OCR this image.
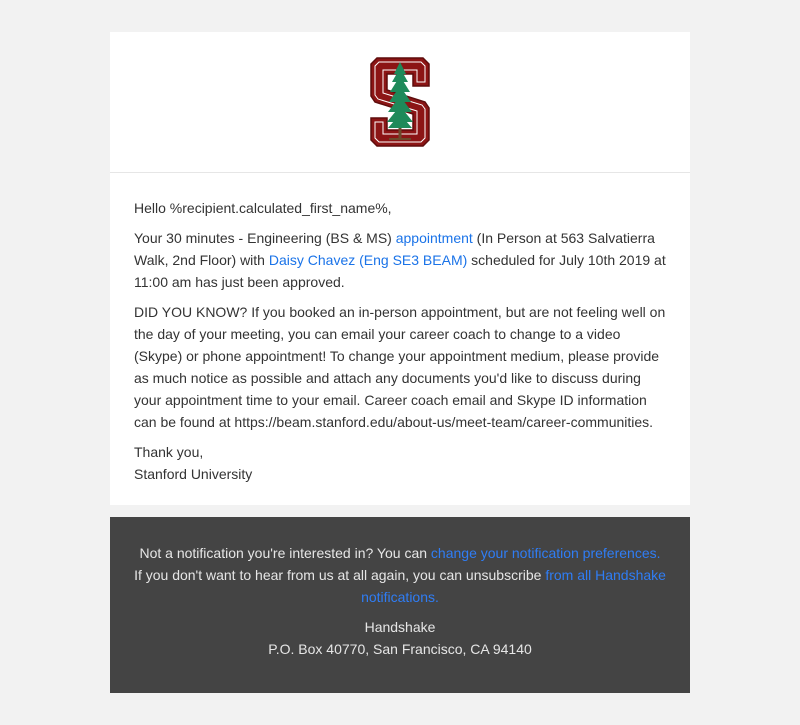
Hello %recipient.calculated_first_name%,

Your 30 minutes - Engineering (BS & MS) appointment (In Person at 563 Salvatierra Walk, 2nd Floor) with Daisy Chavez (Eng SE3 BEAM) scheduled for July 10th 2019 at 11:00 am has just been approved.

DID YOU KNOW? If you booked an in-person appointment, but are not feeling well on the day of your meeting, you can email your career coach to change to a video (Skype) or phone appointment! To change your appointment medium, please provide as much notice as possible and attach any documents you'd like to discuss during your appointment time to your email. Career coach email and Skype ID information can be found at https://beam.stanford.edu/about-us/meet-team/career-communities.

Thank you,
Stanford University

Not a notification you're interested in? You can change your notification preferences.
If you don't want to hear from us at all again, you can unsubscribe from all Handshake notifications.

Handshake
P.O. Box 40770, San Francisco, CA 94140
